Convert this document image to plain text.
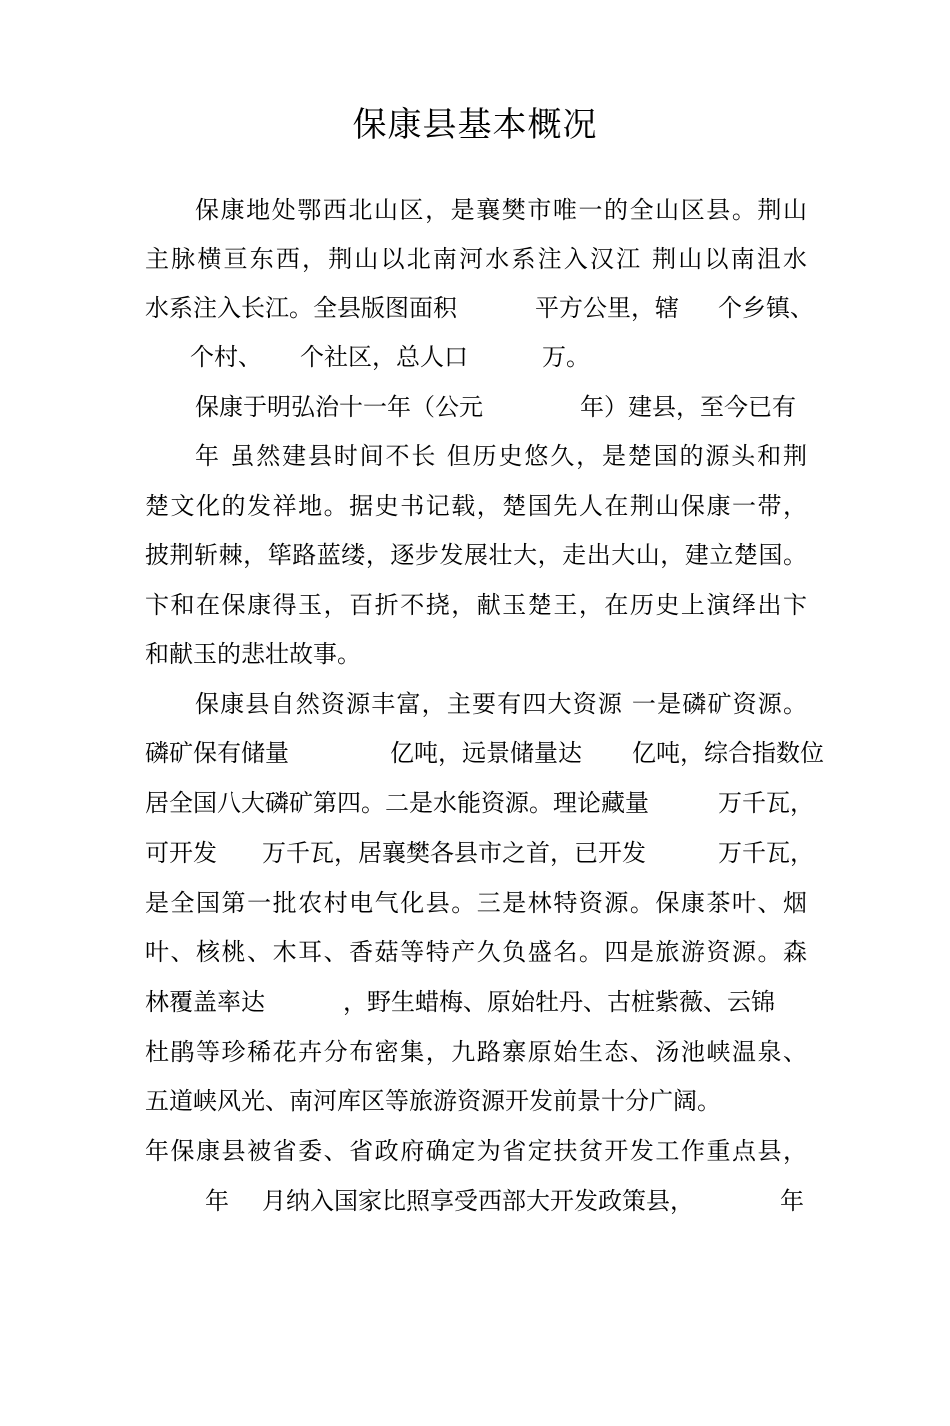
保康县基本概况

保康地处鄂西北山区，是襄樊市唯一的全山区县。荆山

主脉横亘东西，荆山以北南河水系注入汉江 荆山以南沮水

水系注入长江。全县版图面积

	平方公里，辖

个乡镇、

个村、

个社区，总人口

	万。

保康于明弘治十一年（公元

	年）建县，至今已有

年 虽然建县时间不长 但历史悠久，是楚国的源头和荆

楚文化的发祥地。据史书记载，楚国先人在荆山保康一带，

披荆斩棘，筚路蓝缕，逐步发展壮大，走出大山，建立楚国。

卞和在保康得玉，百折不挠，献玉楚王，在历史上演绎出卞

和献玉的悲壮故事。

保康县自然资源丰富，主要有四大资源 一是磷矿资源。

磷矿保有储量

	亿吨，远景储量达

亿吨，综合指数位

居全国八大磷矿第四。二是水能资源。理论藏量

	万千瓦，

可开发

万千瓦，居襄樊各县市之首，已开发

	万千瓦，

是全国第一批农村电气化县。三是林特资源。保康茶叶、烟

叶、核桃、木耳、香菇等特产久负盛名。四是旅游资源。森

林覆盖率达

	，野生蜡梅、原始牡丹、古桩紫薇、云锦

杜鹃等珍稀花卉分布密集，九路寨原始生态、汤池峡温泉、

五道峡风光、南河库区等旅游资源开发前景十分广阔。

年保康县被省委、省政府确定为省定扶贫开发工作重点县，

年

月纳入国家比照享受西部大开发政策县，

	年
